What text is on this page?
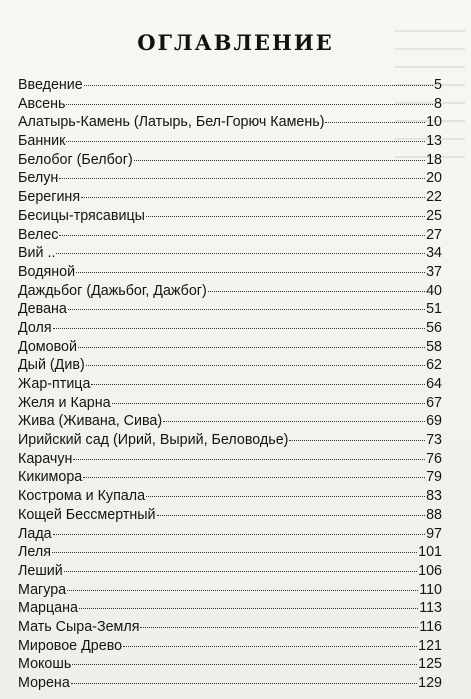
ОГЛАВЛЕНИЕ
Введение	5
Авсень	8
Алатырь-Камень (Латырь, Бел-Горюч Камень)	10
Банник	13
Белобог (Белбог)	18
Белун	20
Берегиня	22
Бесицы-трясавицы	25
Велес	27
Вий ..	34
Водяной	37
Даждьбог (Дажьбог, Дажбог)	40
Девана	51
Доля	56
Домовой	58
Дый (Див)	62
Жар-птица	64
Желя и Карна	67
Жива (Живана, Сива)	69
Ирийский сад (Ирий, Вырий, Беловодье)	73
Карачун	76
Кикимора	79
Кострома и Купала	83
Кощей Бессмертный	88
Лада	97
Леля	101
Леший	106
Магура	110
Марцана	113
Мать Сыра-Земля	116
Мировое Древо	121
Мокошь	125
Морена	129
